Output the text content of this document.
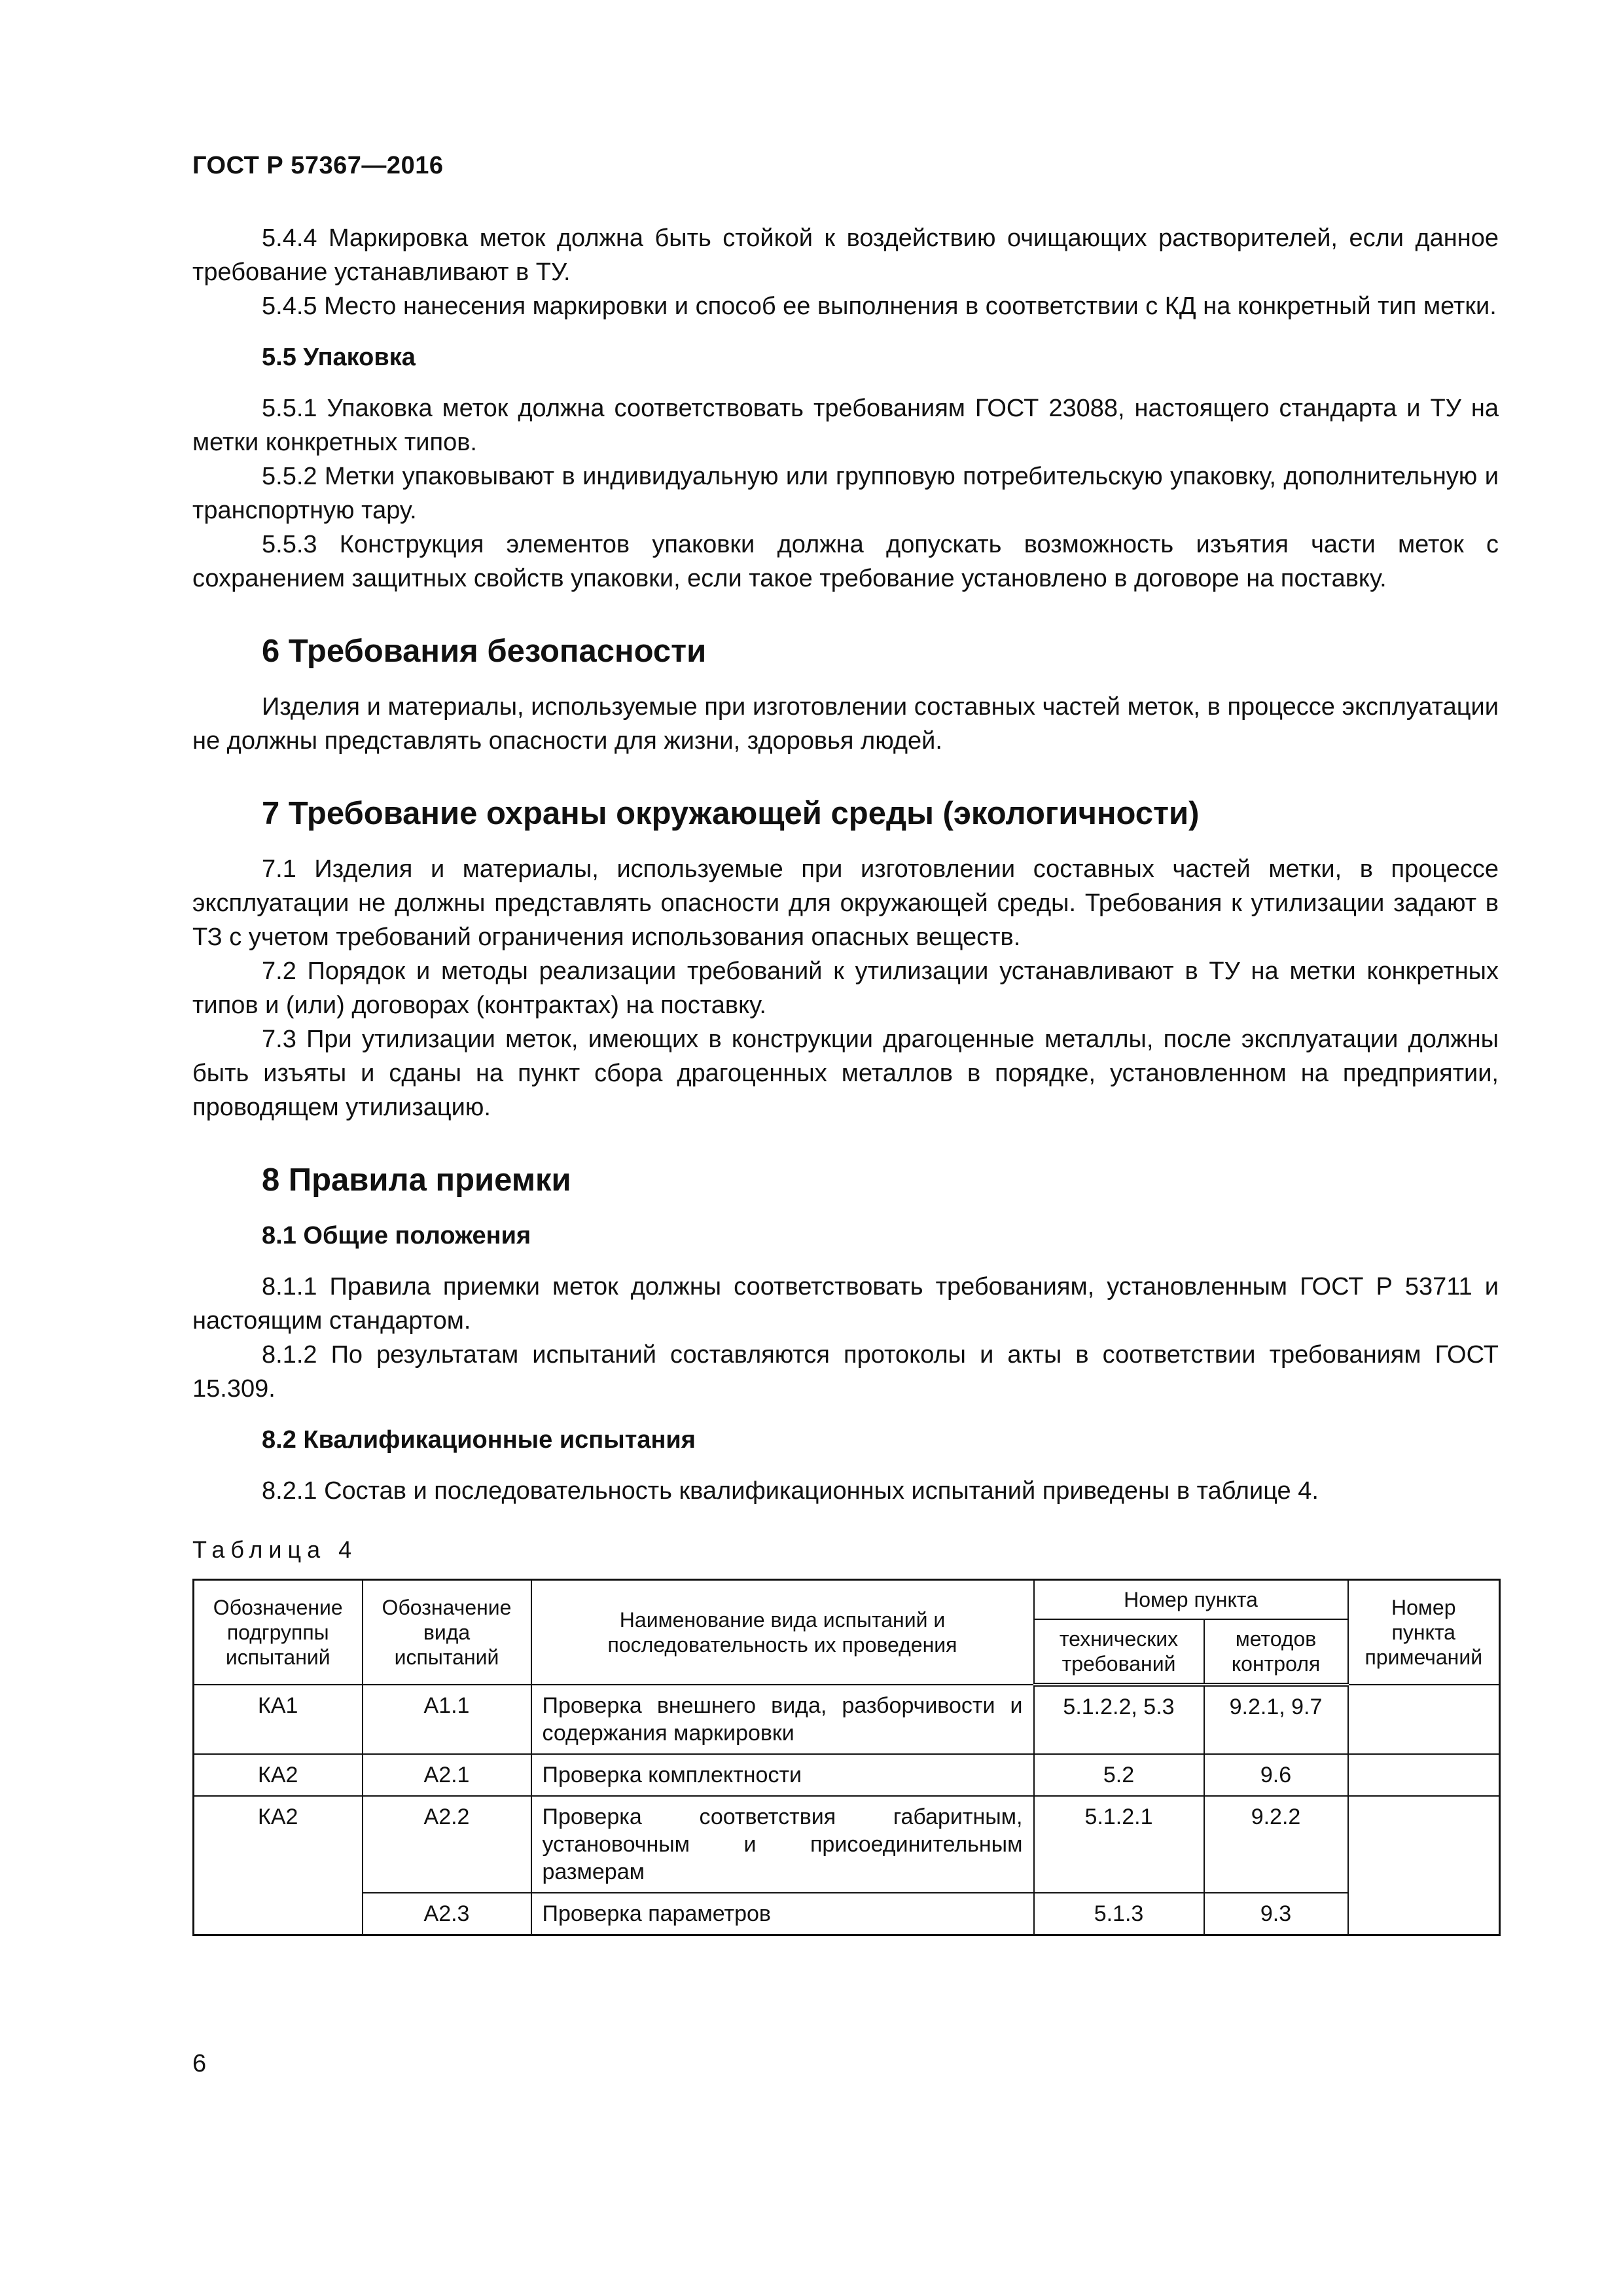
ГОСТ Р 57367—2016

5.4.4 Маркировка меток должна быть стойкой к воздействию очищающих растворителей, если данное требование устанавливают в ТУ.

5.4.5 Место нанесения маркировки и способ ее выполнения в соответствии с КД на конкретный тип метки.

5.5 Упаковка

5.5.1 Упаковка меток должна соответствовать требованиям ГОСТ 23088, настоящего стандарта и ТУ на метки конкретных типов.

5.5.2 Метки упаковывают в индивидуальную или групповую потребительскую упаковку, дополнительную и транспортную тару.

5.5.3 Конструкция элементов упаковки должна допускать возможность изъятия части меток с сохранением защитных свойств упаковки, если такое требование установлено в договоре на поставку.

6 Требования безопасности

Изделия и материалы, используемые при изготовлении составных частей меток, в процессе эксплуатации не должны представлять опасности для жизни, здоровья людей.

7 Требование охраны окружающей среды (экологичности)

7.1 Изделия и материалы, используемые при изготовлении составных частей метки, в процессе эксплуатации не должны представлять опасности для окружающей среды. Требования к утилизации задают в ТЗ с учетом требований ограничения использования опасных веществ.

7.2 Порядок и методы реализации требований к утилизации устанавливают в ТУ на метки конкретных типов и (или) договорах (контрактах) на поставку.

7.3 При утилизации меток, имеющих в конструкции драгоценные металлы, после эксплуатации должны быть изъяты и сданы на пункт сбора драгоценных металлов в порядке, установленном на предприятии, проводящем утилизацию.

8 Правила приемки
8.1 Общие положения

8.1.1 Правила приемки меток должны соответствовать требованиям, установленным ГОСТ Р 53711 и настоящим стандартом.

8.1.2 По результатам испытаний составляются протоколы и акты в соответствии требованиям ГОСТ 15.309.

8.2 Квалификационные испытания

8.2.1 Состав и последовательность квалификационных испытаний приведены в таблице 4.

Таблица 4
Обозначение подгруппы испытаний	Обозначение вида испытаний	Наименование вида испытаний и последовательность их проведения	Номер пункта		Номер пункта примечаний
			технических требований	методов контроля	
КА1	А1.1	Проверка внешнего вида, разборчивости и содержания маркировки	5.1.2.2, 5.3	9.2.1, 9.7	
КА2	А2.1	Проверка комплектности	5.2	9.6	
КА2	А2.2	Проверка соответствия габаритным, установочным и присоединительным размерам	5.1.2.1	9.2.2	
	А2.3	Проверка параметров	5.1.3	9.3	
6
